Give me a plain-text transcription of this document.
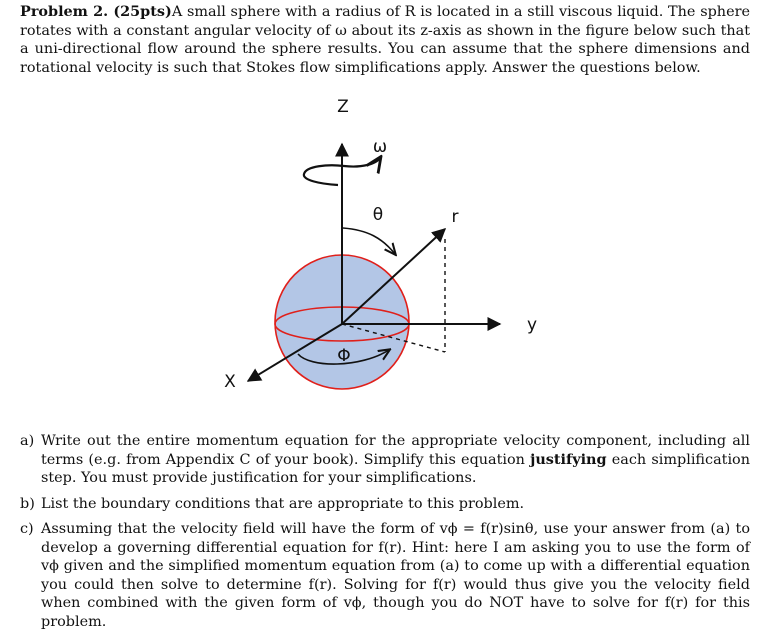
Problem 2. (25pts)A small sphere with a radius of R is located in a still viscous liquid. The sphere rotates with a constant angular velocity of ω about its z-axis as shown in the figure below such that a uni-directional flow around the sphere results. You can assume that the sphere dimensions and rotational velocity is such that Stokes flow simplifications apply. Answer the questions below.
Z
ω
θ	r
y
X
Φ
a) Write out the entire momentum equation for the appropriate velocity component, including all terms (e.g. from Appendix C of your book). Simplify this equation justifying each simplification step. You must provide justification for your simplifications.
b) List the boundary conditions that are appropriate to this problem.
c) Assuming that the velocity field will have the form of vϕ = f(r)sinθ, use your answer from (a) to develop a governing differential equation for f(r). Hint: here I am asking you to use the form of vϕ given and the simplified momentum equation from (a) to come up with a differential equation you could then solve to determine f(r). Solving for f(r) would thus give you the velocity field when combined with the given form of vϕ, though you do NOT have to solve for f(r) for this problem.
